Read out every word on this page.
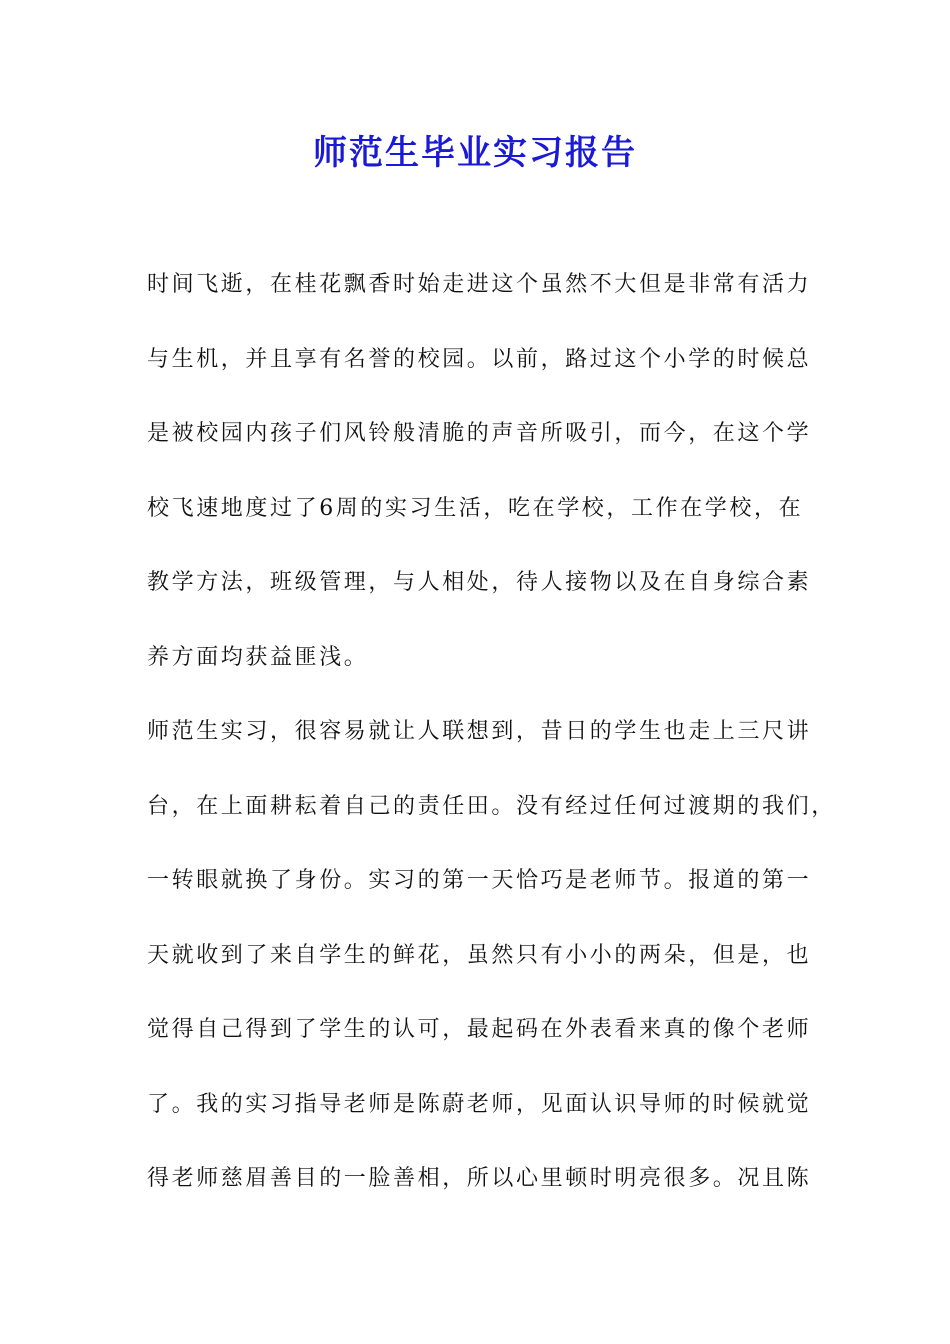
师范生毕业实习报告
时间飞逝，在桂花飘香时始走进这个虽然不大但是非常有活力
与生机，并且享有名誉的校园。以前，路过这个小学的时候总
是被校园内孩子们风铃般清脆的声音所吸引，而今，在这个学
校飞速地度过了6周的实习生活，吃在学校，工作在学校，在
教学方法，班级管理，与人相处，待人接物以及在自身综合素
养方面均获益匪浅。
师范生实习，很容易就让人联想到，昔日的学生也走上三尺讲
台，在上面耕耘着自己的责任田。没有经过任何过渡期的我们，
一转眼就换了身份。实习的第一天恰巧是老师节。报道的第一
天就收到了来自学生的鲜花，虽然只有小小的两朵，但是，也
觉得自己得到了学生的认可，最起码在外表看来真的像个老师
了。我的实习指导老师是陈蔚老师，见面认识导师的时候就觉
得老师慈眉善目的一脸善相，所以心里顿时明亮很多。况且陈
